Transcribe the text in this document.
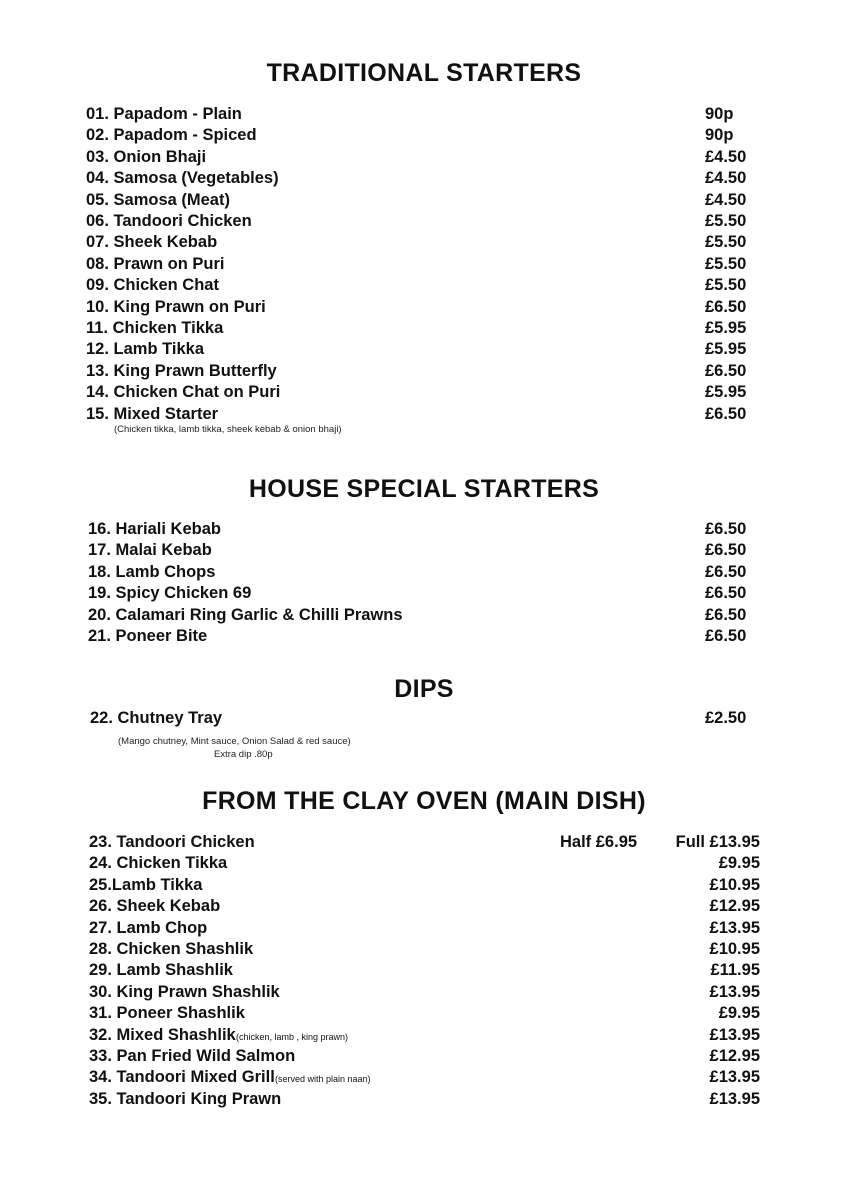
TRADITIONAL STARTERS
01. Papadom - Plain	90p
02. Papadom - Spiced	90p
03. Onion Bhaji	£4.50
04. Samosa (Vegetables)	£4.50
05. Samosa (Meat)	£4.50
06. Tandoori Chicken	£5.50
07. Sheek Kebab	£5.50
08. Prawn on Puri	£5.50
09. Chicken Chat	£5.50
10. King Prawn on Puri	£6.50
11. Chicken Tikka	£5.95
12. Lamb Tikka	£5.95
13. King Prawn Butterfly	£6.50
14. Chicken Chat on Puri	£5.95
15. Mixed Starter	£6.50
(Chicken tikka, lamb tikka, sheek kebab & onion bhaji)
HOUSE SPECIAL STARTERS
16. Hariali Kebab	£6.50
17. Malai Kebab	£6.50
18. Lamb Chops	£6.50
19. Spicy Chicken 69	£6.50
20. Calamari Ring Garlic & Chilli Prawns	£6.50
21. Poneer Bite	£6.50
DIPS
22. Chutney Tray	£2.50
(Mango chutney, Mint sauce, Onion Salad & red sauce)
Extra dip .80p
FROM THE CLAY OVEN (MAIN DISH)
23. Tandoori Chicken	Half £6.95 Full £13.95
24. Chicken Tikka	£9.95
25.Lamb Tikka	£10.95
26. Sheek Kebab	£12.95
27. Lamb Chop	£13.95
28. Chicken Shashlik	£10.95
29. Lamb Shashlik	£11.95
30. King Prawn Shashlik	£13.95
31. Poneer Shashlik	£9.95
32. Mixed Shashlik (chicken, lamb , king prawn)	£13.95
33. Pan Fried Wild Salmon	£12.95
34. Tandoori Mixed Grill (served with plain naan)	£13.95
35. Tandoori King Prawn	£13.95
